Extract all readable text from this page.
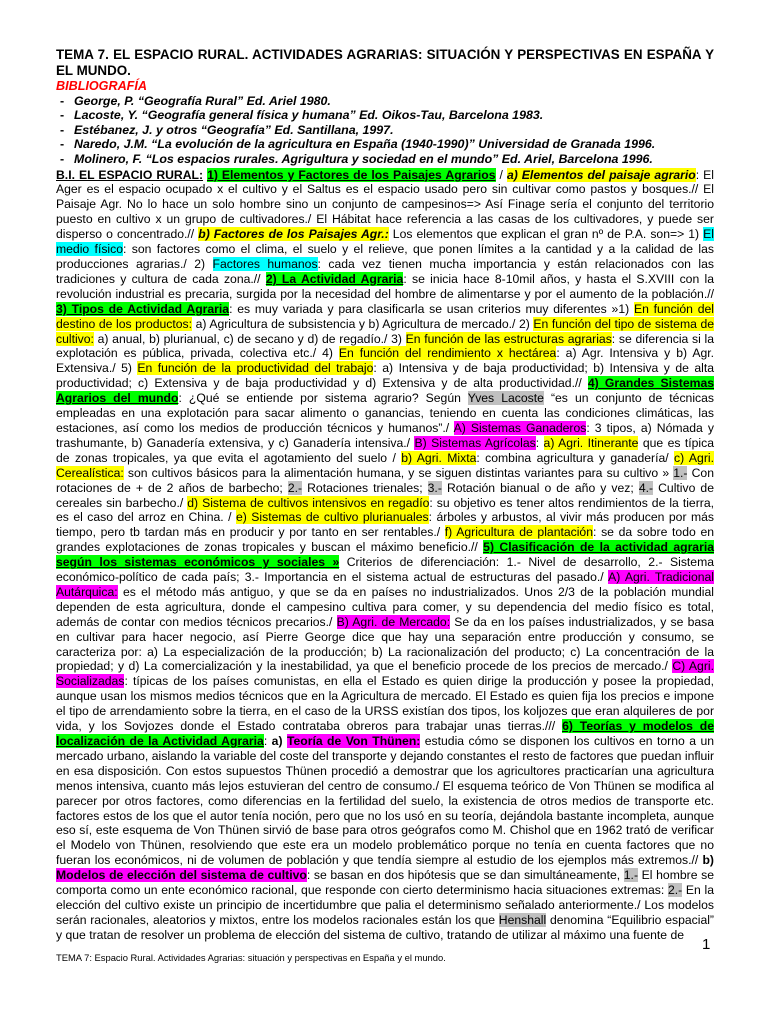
TEMA 7. EL ESPACIO RURAL. ACTIVIDADES AGRARIAS: SITUACIÓN Y PERSPECTIVAS EN ESPAÑA Y EL MUNDO.

BIBLIOGRAFÍA

- George, P. “Geografía Rural” Ed. Ariel 1980.
- Lacoste, Y. “Geografía general física y humana” Ed. Oikos-Tau, Barcelona 1983.
- Estébanez, J. y otros “Geografía” Ed. Santillana, 1997.
- Naredo, J.M. “La evolución de la agricultura en España (1940-1990)” Universidad de Granada 1996.
- Molinero, F. “Los espacios rurales. Agrigultura y sociedad en el mundo” Ed. Ariel, Barcelona 1996.
B.I. EL ESPACIO RURAL: 1) Elementos y Factores de los Paisajes Agrarios / a) Elementos del paisaje agrario: El Ager es el espacio ocupado x el cultivo y el Saltus es el espacio usado pero sin cultivar como pastos y bosques.// El Paisaje Agr. No lo hace un solo hombre sino un conjunto de campesinos=> Así Finage sería el conjunto del territorio puesto en cultivo x un grupo de cultivadores./ El Hábitat hace referencia a las casas de los cultivadores, y puede ser disperso o concentrado.// b) Factores de los Paisajes Agr.: Los elementos que explican el gran nº de P.A. son=> 1) El medio físico: son factores como el clima, el suelo y el relieve, que ponen límites a la cantidad y a la calidad de las producciones agrarias./ 2) Factores humanos: cada vez tienen mucha importancia y están relacionados con las tradiciones y cultura de cada zona.// 2) La Actividad Agraria: se inicia hace 8-10mil años, y hasta el S.XVIII con la revolución industrial es precaria, surgida por la necesidad del hombre de alimentarse y por el aumento de la población.// 3) Tipos de Actividad Agraria: es muy variada y para clasificarla se usan criterios muy diferentes »1) En función del destino de los productos: a) Agricultura de subsistencia y b) Agricultura de mercado./ 2) En función del tipo de sistema de cultivo: a) anual, b) plurianual, c) de secano y d) de regadío./ 3) En función de las estructuras agrarias: se diferencia si la explotación es pública, privada, colectiva etc./ 4) En función del rendimiento x hectárea: a) Agr. Intensiva y b) Agr. Extensiva./ 5) En función de la productividad del trabajo: a) Intensiva y de baja productividad; b) Intensiva y de alta productividad; c) Extensiva y de baja productividad y d) Extensiva y de alta productividad.// 4) Grandes Sistemas Agrarios del mundo: ¿Qué se entiende por sistema agrario? Según Yves Lacoste “es un conjunto de técnicas empleadas en una explotación para sacar alimento o ganancias, teniendo en cuenta las condiciones climáticas, las estaciones, así como los medios de producción técnicos y humanos”./ A) Sistemas Ganaderos: 3 tipos, a) Nómada y trashumante, b) Ganadería extensiva, y c) Ganadería intensiva./ B) Sistemas Agrícolas: a) Agri. Itinerante que es típica de zonas tropicales, ya que evita el agotamiento del suelo / b) Agri. Mixta: combina agricultura y ganadería/ c) Agri. Cerealística: son cultivos básicos para la alimentación humana, y se siguen distintas variantes para su cultivo » 1.- Con rotaciones de + de 2 años de barbecho; 2.- Rotaciones trienales; 3.- Rotación bianual o de año y vez; 4.- Cultivo de cereales sin barbecho./ d) Sistema de cultivos intensivos en regadío: su objetivo es tener altos rendimientos de la tierra, es el caso del arroz en China. / e) Sistemas de cultivo plurianuales: árboles y arbustos, al vivir más producen por más tiempo, pero tb tardan más en producir y por tanto en ser rentables./ f) Agricultura de plantación: se da sobre todo en grandes explotaciones de zonas tropicales y buscan el máximo beneficio.// 5) Clasificación de la actividad agraria según los sistemas económicos y sociales » Criterios de diferenciación: 1.- Nivel de desarrollo, 2.- Sistema económico-político de cada país; 3.- Importancia en el sistema actual de estructuras del pasado./ A) Agri. Tradicional Autárquica: es el método más antiguo, y que se da en países no industrializados. Unos 2/3 de la población mundial dependen de esta agricultura, donde el campesino cultiva para comer, y su dependencia del medio físico es total, además de contar con medios técnicos precarios./ B) Agri. de Mercado: Se da en los países industrializados, y se basa en cultivar para hacer negocio, así Pierre George dice que hay una separación entre producción y consumo, se caracteriza por: a) La especialización de la producción; b) La racionalización del producto; c) La concentración de la propiedad; y d) La comercialización y la inestabilidad, ya que el beneficio procede de los precios de mercado./ C) Agri. Socializadas: típicas de los países comunistas, en ella el Estado es quien dirige la producción y posee la propiedad, aunque usan los mismos medios técnicos que en la Agricultura de mercado. El Estado es quien fija los precios e impone el tipo de arrendamiento sobre la tierra, en el caso de la URSS existían dos tipos, los koljozes que eran alquileres de por vida, y los Sovjozes donde el Estado contrataba obreros para trabajar unas tierras./// 6) Teorías y modelos de localización de la Actividad Agraria: a) Teoría de Von Thünen: estudia cómo se disponen los cultivos en torno a un mercado urbano, aislando la variable del coste del transporte y dejando constantes el resto de factores que puedan influir en esa disposición. Con estos supuestos Thünen procedió a demostrar que los agricultores practicarían una agricultura menos intensiva, cuanto más lejos estuvieran del centro de consumo./ El esquema teórico de Von Thünen se modifica al parecer por otros factores, como diferencias en la fertilidad del suelo, la existencia de otros medios de transporte etc. factores estos de los que el autor tenía noción, pero que no los usó en su teoría, dejándola bastante incompleta, aunque eso sí, este esquema de Von Thünen sirvió de base para otros geógrafos como M. Chishol que en 1962 trató de verificar el Modelo von Thünen, resolviendo que este era un modelo problemático porque no tenía en cuenta factores que no fueran los económicos, ni de volumen de población y que tendía siempre al estudio de los ejemplos más extremos.// b) Modelos de elección del sistema de cultivo: se basan en dos hipótesis que se dan simultáneamente, 1.- El hombre se comporta como un ente económico racional, que responde con cierto determinismo hacia situaciones extremas: 2.- En la elección del cultivo existe un principio de incertidumbre que palia el determinismo señalado anteriormente./ Los modelos serán racionales, aleatorios y mixtos, entre los modelos racionales están los que Henshall denomina “Equilibrio espacial” y que tratan de resolver un problema de elección del sistema de cultivo, tratando de utilizar al máximo una fuente de
1
TEMA 7: Espacio Rural. Actividades Agrarias: situación y perspectivas en España y el mundo.
